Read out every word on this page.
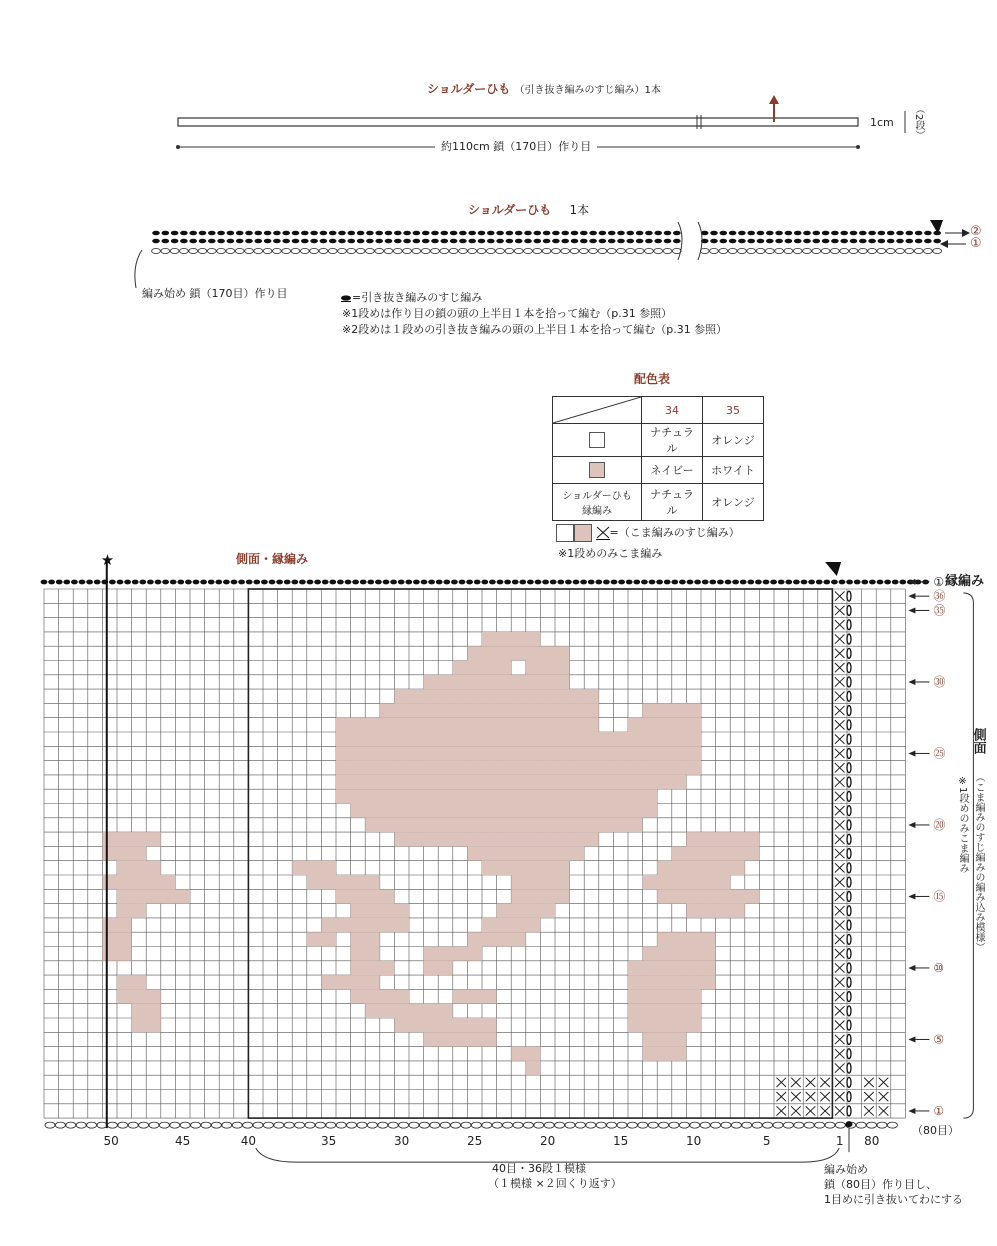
ショルダーひも （引き抜き編みのすじ編み）1本
1cm （2段）
約110cm 鎖（170目）作り目
ショルダーひも 1本
②
①
編み始め 鎖（170目）作り目	=引き抜き編みのすじ編み
※1段めは作り目の鎖の頭の上半目１本を拾って編む（p.31 参照）
※2段めは１段めの引き抜き編みの頭の上半目１本を拾って編む（p.31 参照）
配色表
	34	35
	ナチュラル	オレンジ
	ネイビー	ホワイト
ショルダーひも
縁編み	ナチュラル	オレンジ
=（こま編みのすじ編み）
※1段めのみこま編み
側面・縁編み
★
①
㊱
㉟
㉚
㉕
⑳
⑮
⑩
⑤
①
50	45	40	35	30	25	20	15	10	5	1 80
縁編み
側面
※1段めのみこま編み （こま編みのすじ編みの編み込み模様）
（80目）
40目・36段１模様
（１模様 ×２回くり返す）
編み始め
鎖（80目）作り目し、
1目めに引き抜いてわにする
